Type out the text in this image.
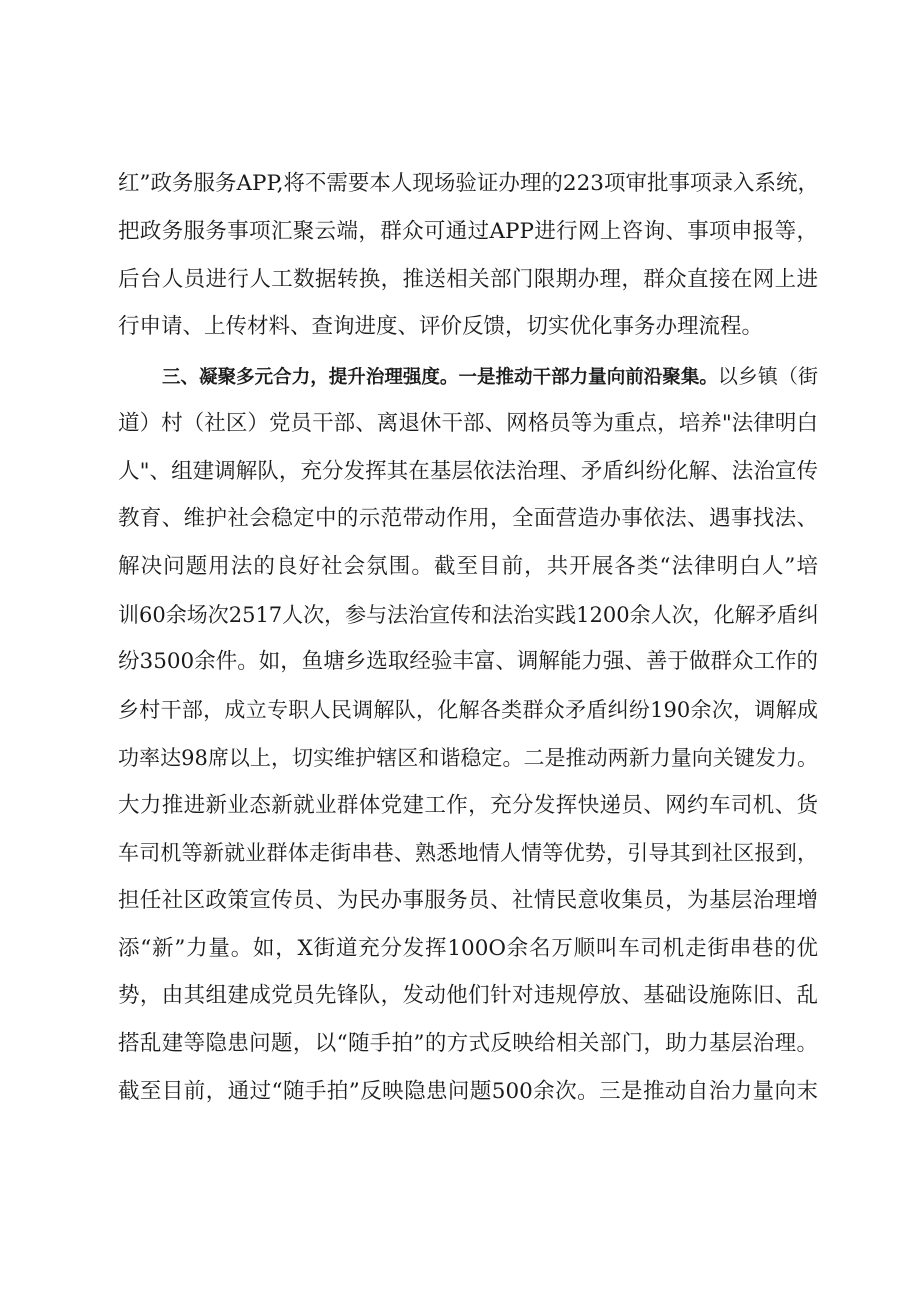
红”政务服务APP,将不需要本人现场验证办理的223项审批事项录入系统，
把政务服务事项汇聚云端，群众可通过APP进行网上咨询、事项申报等，
后台人员进行人工数据转换，推送相关部门限期办理，群众直接在网上进
行申请、上传材料、查询进度、评价反馈，切实优化事务办理流程。
三、凝聚多元合力，提升治理强度。一是推动干部力量向前沿聚集。以乡镇（街
道）村（社区）党员干部、离退休干部、网格员等为重点，培养"法律明白
人"、组建调解队，充分发挥其在基层依法治理、矛盾纠纷化解、法治宣传
教育、维护社会稳定中的示范带动作用，全面营造办事依法、遇事找法、
解决问题用法的良好社会氛围。截至目前，共开展各类“法律明白人”培
训60余场次2517人次，参与法治宣传和法治实践1200余人次，化解矛盾纠
纷3500余件。如，鱼塘乡选取经验丰富、调解能力强、善于做群众工作的
乡村干部，成立专职人民调解队，化解各类群众矛盾纠纷190余次，调解成
功率达98席以上，切实维护辖区和谐稳定。二是推动两新力量向关键发力。
大力推进新业态新就业群体党建工作，充分发挥快递员、网约车司机、货
车司机等新就业群体走街串巷、熟悉地情人情等优势，引导其到社区报到，
担任社区政策宣传员、为民办事服务员、社情民意收集员，为基层治理增
添“新”力量。如，X街道充分发挥100O余名万顺叫车司机走街串巷的优
势，由其组建成党员先锋队，发动他们针对违规停放、基础设施陈旧、乱
搭乱建等隐患问题，以“随手拍”的方式反映给相关部门，助力基层治理。
截至目前，通过“随手拍”反映隐患问题500余次。三是推动自治力量向末
